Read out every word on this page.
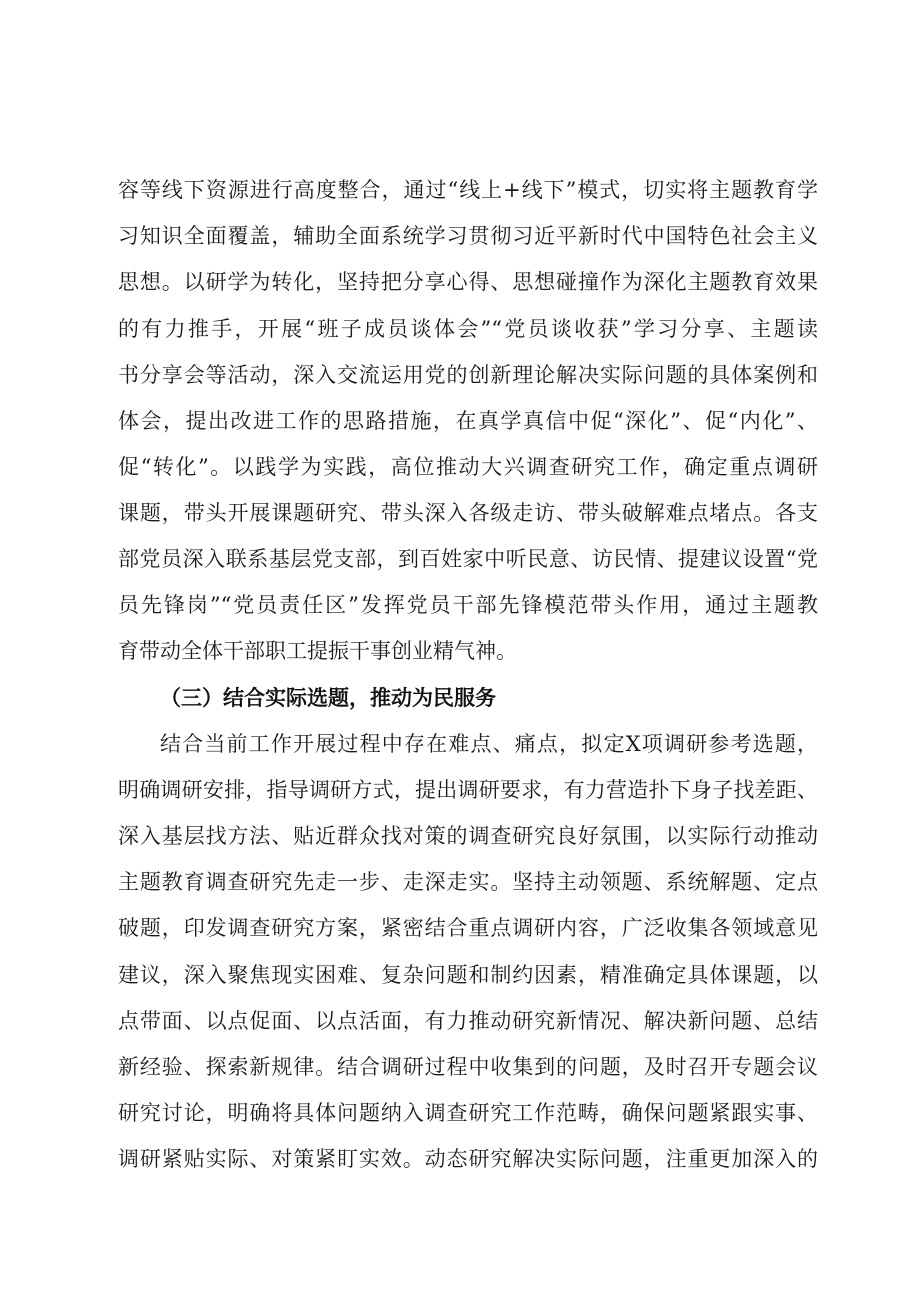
容等线下资源进行高度整合，通过“线上+线下”模式，切实将主题教育学
习知识全面覆盖，辅助全面系统学习贯彻习近平新时代中国特色社会主义
思想。以研学为转化，坚持把分享心得、思想碰撞作为深化主题教育效果
的有力推手，开展“班子成员谈体会”“党员谈收获”学习分享、主题读
书分享会等活动，深入交流运用党的创新理论解决实际问题的具体案例和
体会，提出改进工作的思路措施，在真学真信中促“深化”、促“内化”、
促“转化”。以践学为实践，高位推动大兴调查研究工作，确定重点调研
课题，带头开展课题研究、带头深入各级走访、带头破解难点堵点。各支
部党员深入联系基层党支部，到百姓家中听民意、访民情、提建议设置“党
员先锋岗”“党员责任区”发挥党员干部先锋模范带头作用，通过主题教
育带动全体干部职工提振干事创业精气神。
（三）结合实际选题，推动为民服务
结合当前工作开展过程中存在难点、痛点，拟定X项调研参考选题，
明确调研安排，指导调研方式，提出调研要求，有力营造扑下身子找差距、
深入基层找方法、贴近群众找对策的调查研究良好氛围，以实际行动推动
主题教育调查研究先走一步、走深走实。坚持主动领题、系统解题、定点
破题，印发调查研究方案，紧密结合重点调研内容，广泛收集各领域意见
建议，深入聚焦现实困难、复杂问题和制约因素，精准确定具体课题，以
点带面、以点促面、以点活面，有力推动研究新情况、解决新问题、总结
新经验、探索新规律。结合调研过程中收集到的问题，及时召开专题会议
研究讨论，明确将具体问题纳入调查研究工作范畴，确保问题紧跟实事、
调研紧贴实际、对策紧盯实效。动态研究解决实际问题，注重更加深入的
